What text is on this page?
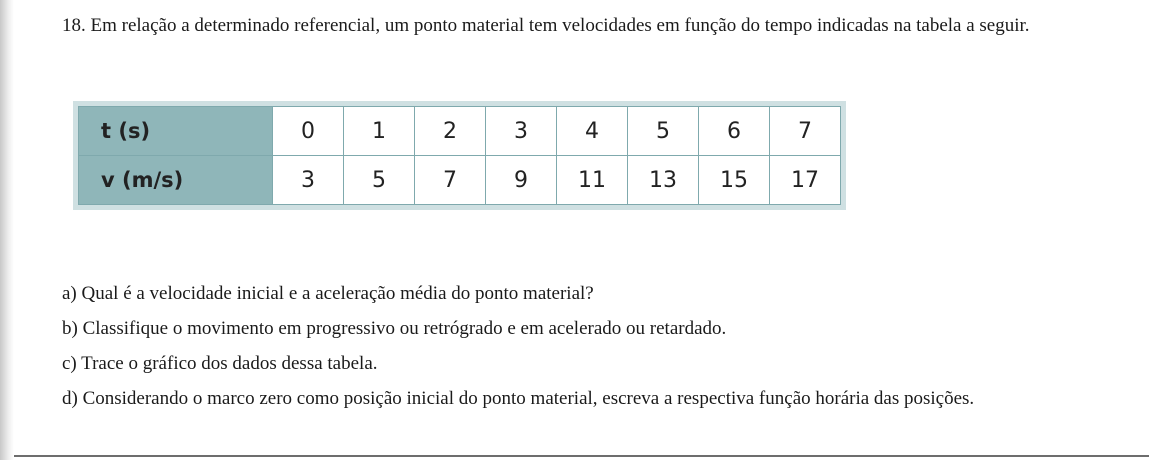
18. Em relação a determinado referencial, um ponto material tem velocidades em função do tempo indicadas na tabela a seguir.
t (s)	0	1	2	3	4	5	6	7
v (m/s)	3	5	7	9	11	13	15	17

a) Qual é a velocidade inicial e a aceleração média do ponto material?

b) Classifique o movimento em progressivo ou retrógrado e em acelerado ou retardado.

c) Trace o gráfico dos dados dessa tabela.

d) Considerando o marco zero como posição inicial do ponto material, escreva a respectiva função horária das posições.
